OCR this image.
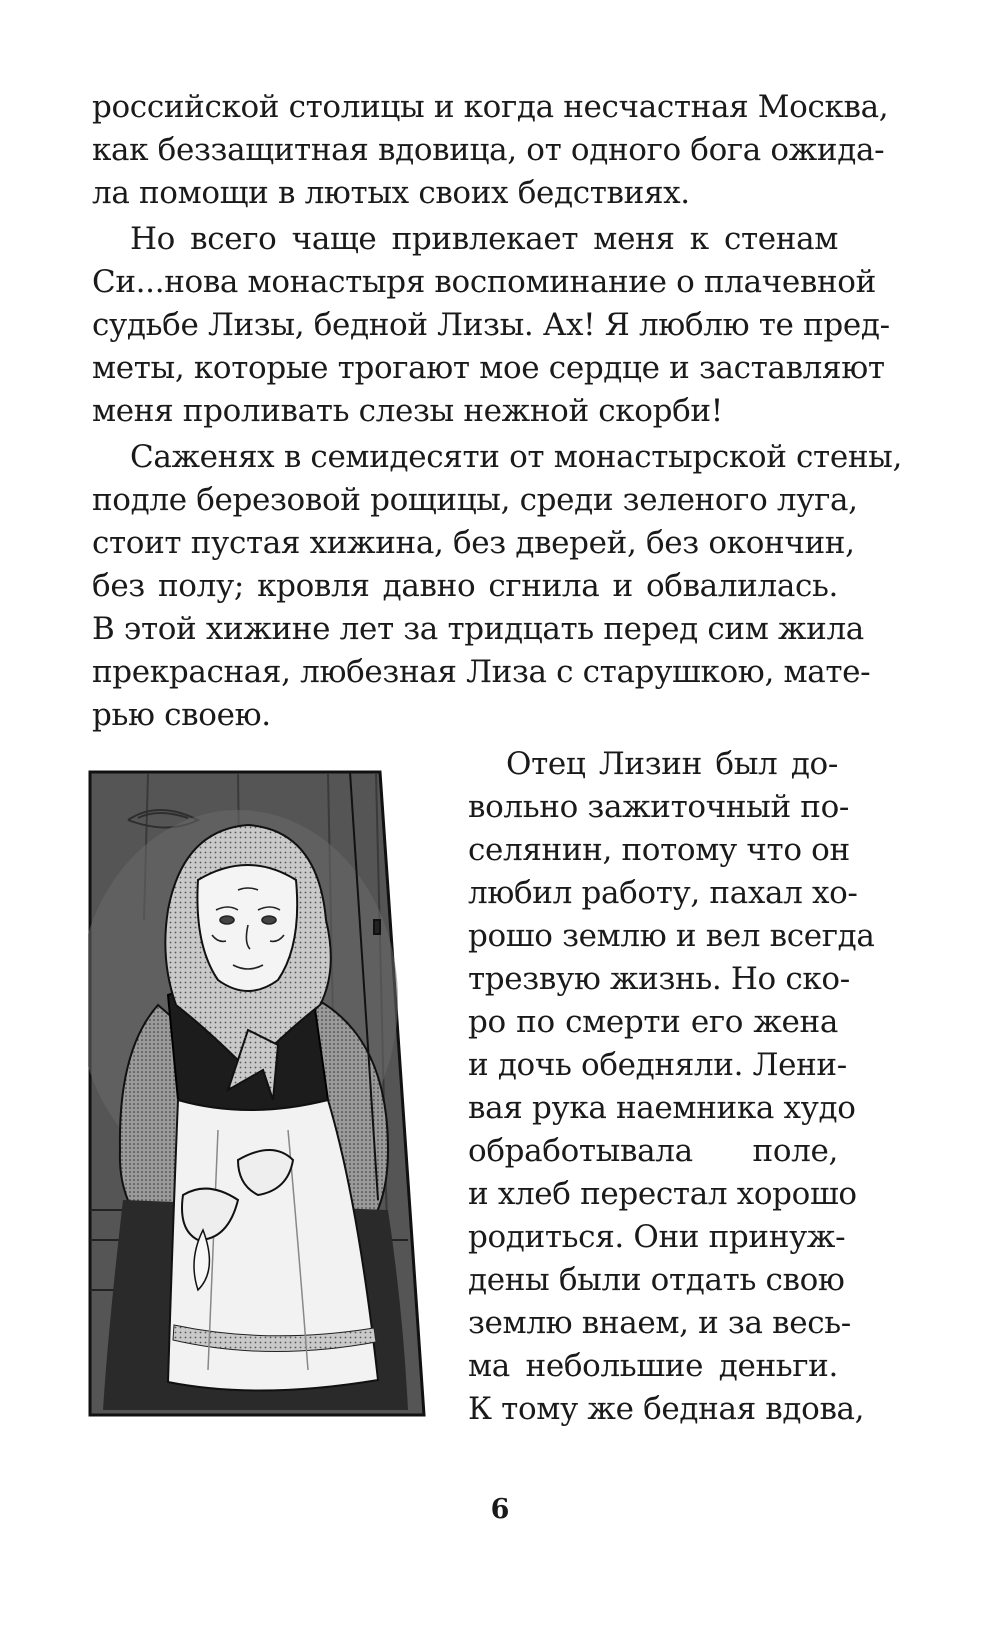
российской столицы и когда несчастная Москва,
как беззащитная вдовица, от одного бога ожида-
ла помощи в лютых своих бедствиях.
Но всего чаще привлекает меня к стенам
Си...нова монастыря воспоминание о плачевной
судьбе Лизы, бедной Лизы. Ах! Я люблю те пред-
меты, которые трогают мое сердце и заставляют
меня проливать слезы нежной скорби!
Саженях в семидесяти от монастырской стены,
подле березовой рощицы, среди зеленого луга,
стоит пустая хижина, без дверей, без окончин,
без полу; кровля давно сгнила и обвалилась.
В этой хижине лет за тридцать перед сим жила
прекрасная, любезная Лиза с старушкою, мате-
рью своею.
Отец Лизин был до-
вольно зажиточный по-
селянин, потому что он
любил работу, пахал хо-
рошо землю и вел всегда
трезвую жизнь. Но ско-
ро по смерти его жена
и дочь обедняли. Лени-
вая рука наемника худо
обработывала поле,
и хлеб перестал хорошо
родиться. Они принуж-
дены были отдать свою
землю внаем, и за весь-
ма небольшие деньги.
К тому же бедная вдова,
6
